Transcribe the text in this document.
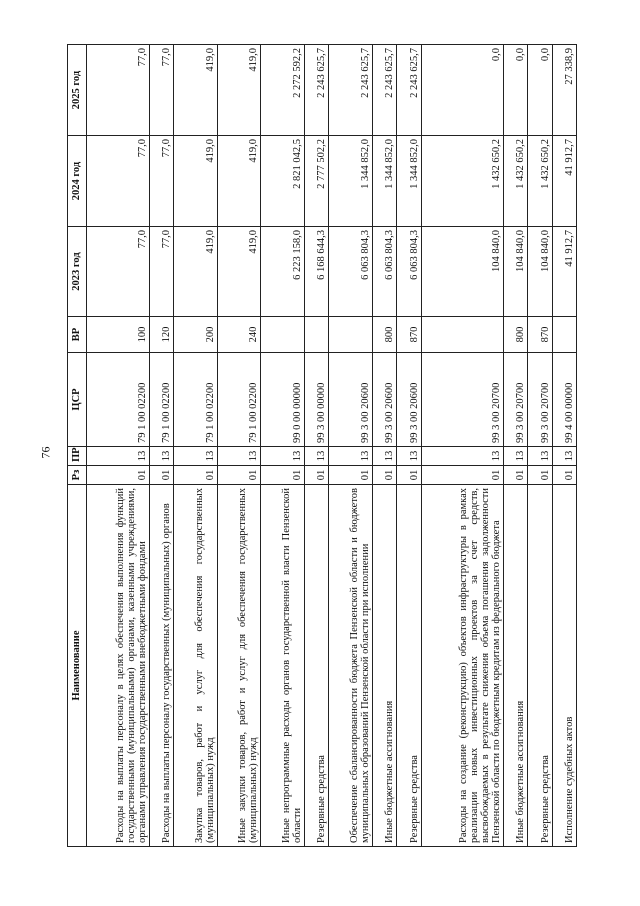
76
Наименование	Рз	ПР	ЦСР	ВР	2023 год	2024 год	2025 год
Расходы на выплаты персоналу в целях обеспечения выполнения функций государственными (муниципальными) органами, казенными учреждениями, органами управления государственными внебюджетными фондами	01	13	79 1 00 02200	100	77,0	77,0	77,0
Расходы на выплаты персоналу государственных (муниципальных) органов	01	13	79 1 00 02200	120	77,0	77,0	77,0
Закупка товаров, работ и услуг для обеспечения государственных (муниципальных) нужд	01	13	79 1 00 02200	200	419,0	419,0	419,0
Иные закупки товаров, работ и услуг для обеспечения государственных (муниципальных) нужд	01	13	79 1 00 02200	240	419,0	419,0	419,0
Иные непрограммные расходы органов государственной власти Пензенской области	01	13	99 0 00 00000		6 223 158,0	2 821 042,5	2 272 592,2
Резервные средства	01	13	99 3 00 00000		6 168 644,3	2 777 502,2	2 243 625,7
Обеспечение сбалансированности бюджета Пензенской области и бюджетов муниципальных образований Пензенской области при исполнении	01	13	99 3 00 20600		6 063 804,3	1 344 852,0	2 243 625,7
Иные бюджетные ассигнования	01	13	99 3 00 20600	800	6 063 804,3	1 344 852,0	2 243 625,7
Резервные средства	01	13	99 3 00 20600	870	6 063 804,3	1 344 852,0	2 243 625,7
Расходы на создание (реконструкцию) объектов инфраструктуры в рамках реализации новых инвестиционных проектов за счет средств, высвобождаемых в результате снижения объема погашения задолженности Пензенской области по бюджетным кредитам из федерального бюджета	01	13	99 3 00 20700		104 840,0	1 432 650,2	0,0
Иные бюджетные ассигнования	01	13	99 3 00 20700	800	104 840,0	1 432 650,2	0,0
Резервные средства	01	13	99 3 00 20700	870	104 840,0	1 432 650,2	0,0
Исполнение судебных актов	01	13	99 4 00 00000		41 912,7	41 912,7	27 338,9
